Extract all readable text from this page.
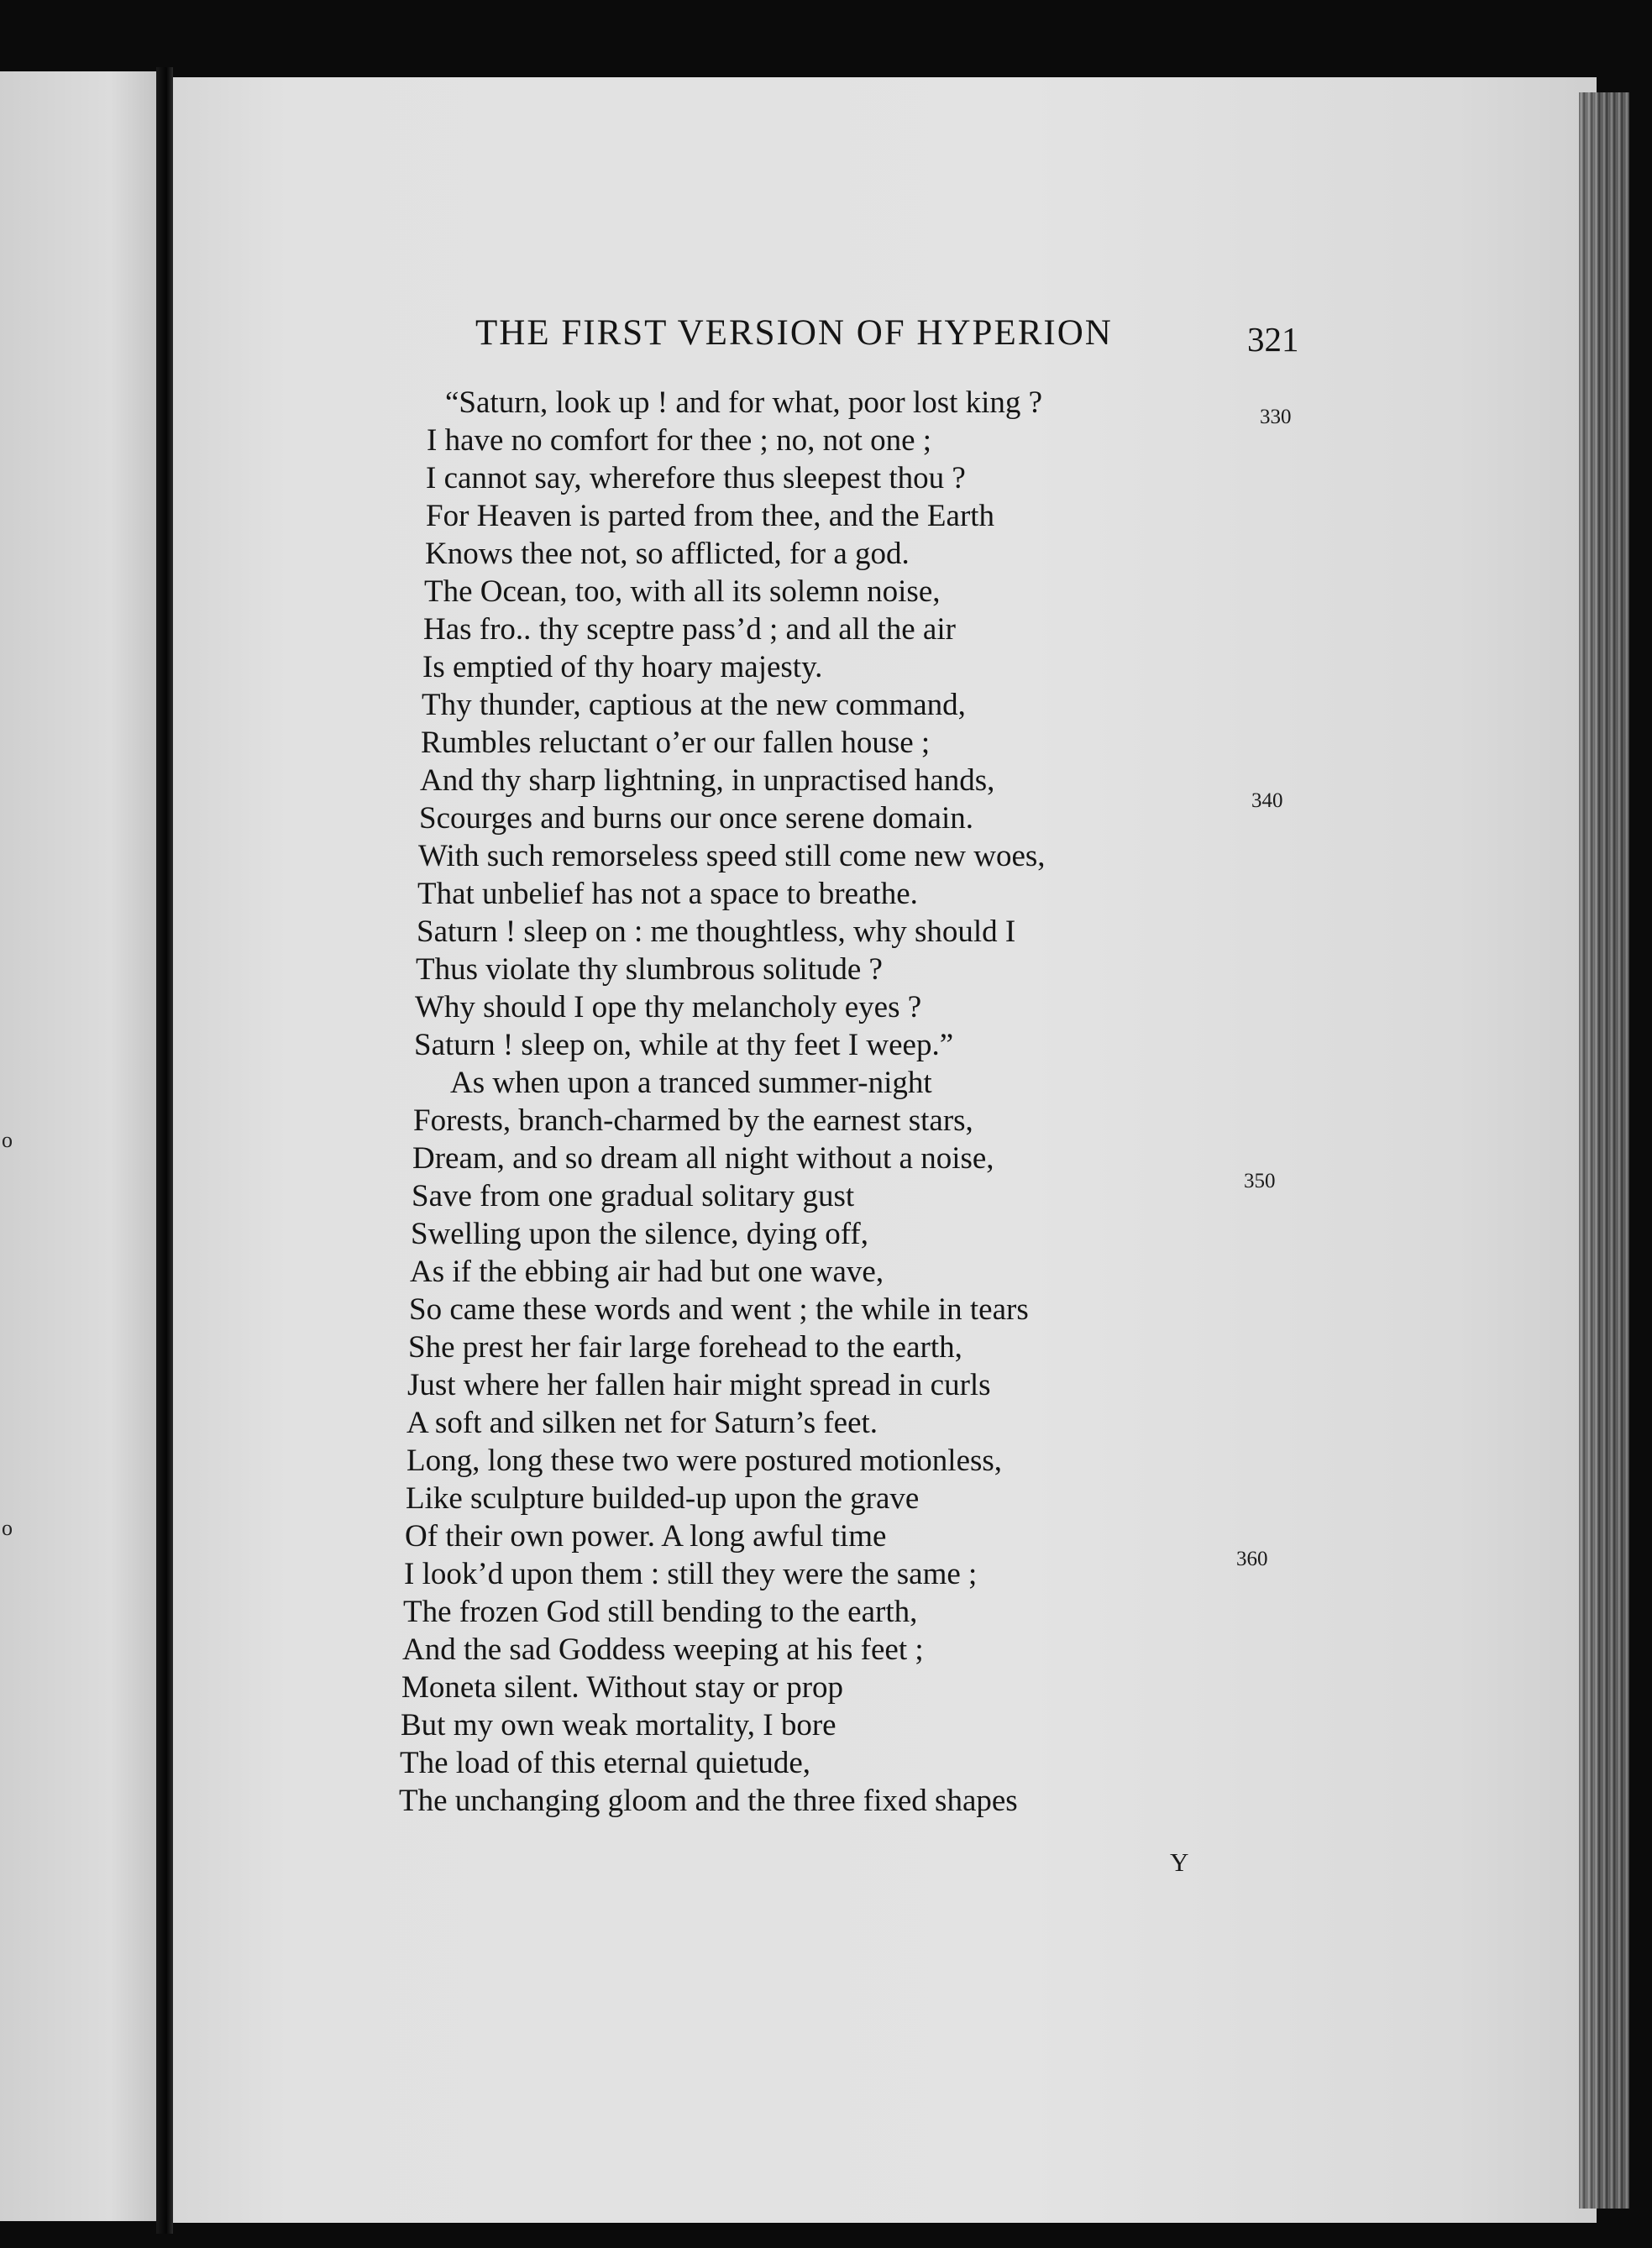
o
o
THE FIRST VERSION OF HYPERION	321
“Saturn, look up ! and for what, poor lost king ?
I have no comfort for thee ; no, not one ;
I cannot say, wherefore thus sleepest thou ?
For Heaven is parted from thee, and the Earth
Knows thee not, so afflicted, for a god.
The Ocean, too, with all its solemn noise,
Has fro.. thy sceptre pass’d ; and all the air
Is emptied of thy hoary majesty.
Thy thunder, captious at the new command,
Rumbles reluctant o’er our fallen house ;
And thy sharp lightning, in unpractised hands,
Scourges and burns our once serene domain.
With such remorseless speed still come new woes,
That unbelief has not a space to breathe.
Saturn ! sleep on : me thoughtless, why should I
Thus violate thy slumbrous solitude ?
Why should I ope thy melancholy eyes ?
Saturn ! sleep on, while at thy feet I weep.”
As when upon a tranced summer-night
Forests, branch-charmed by the earnest stars,
Dream, and so dream all night without a noise,
Save from one gradual solitary gust
Swelling upon the silence, dying off,
As if the ebbing air had but one wave,
So came these words and went ; the while in tears
She prest her fair large forehead to the earth,
Just where her fallen hair might spread in curls
A soft and silken net for Saturn’s feet.
Long, long these two were postured motionless,
Like sculpture builded-up upon the grave
Of their own power. A long awful time
I look’d upon them : still they were the same ;
The frozen God still bending to the earth,
And the sad Goddess weeping at his feet ;
Moneta silent. Without stay or prop
But my own weak mortality, I bore
The load of this eternal quietude,
The unchanging gloom and the three fixed shapes
330
340
350
360
Y
